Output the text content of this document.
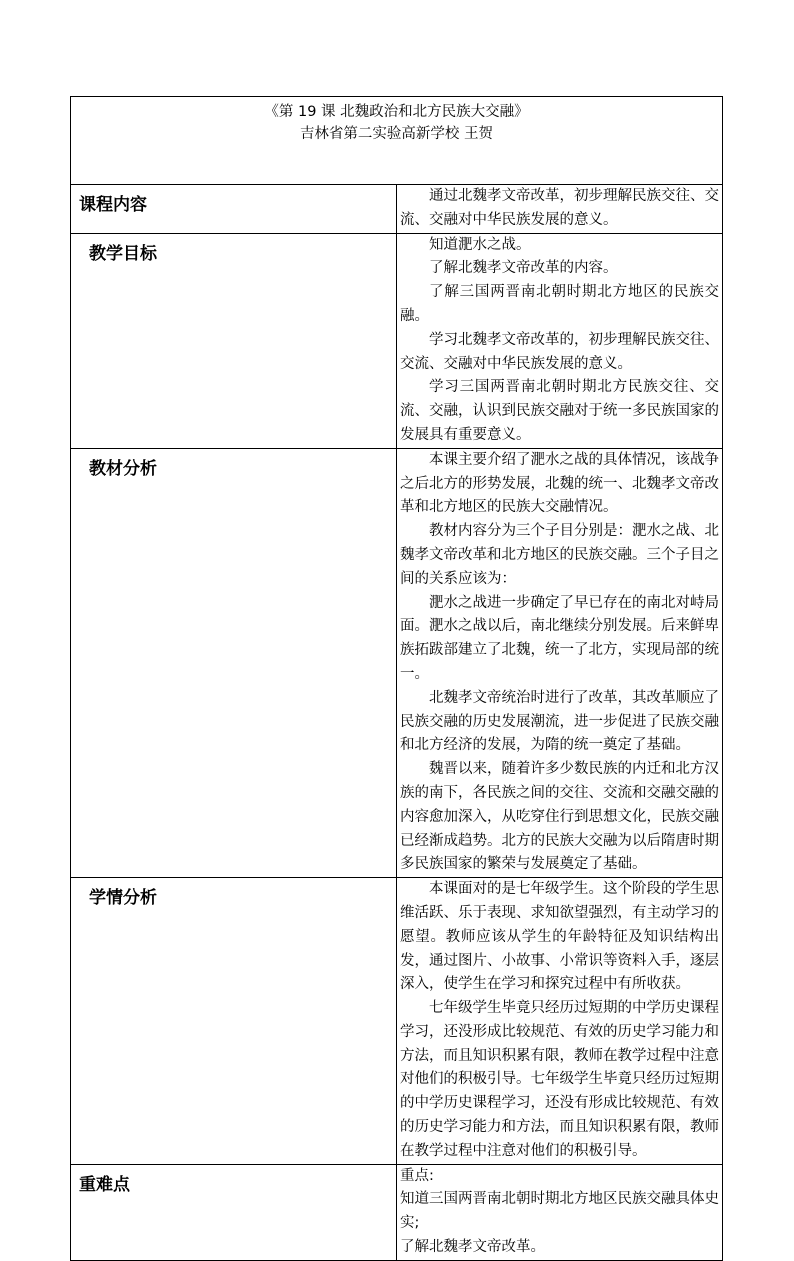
《第 19 课 北魏政治和北方民族大交融》
吉林省第二实验高新学校 王贺	

课程内容	通过北魏孝文帝改革，初步理解民族交往、交流、交融对中华民族发展的意义。

教学目标	知道淝水之战。

了解北魏孝文帝改革的内容。

了解三国两晋南北朝时期北方地区的民族交融。

学习北魏孝文帝改革的，初步理解民族交往、交流、交融对中华民族发展的意义。

学习三国两晋南北朝时期北方民族交往、交流、交融，认识到民族交融对于统一多民族国家的发展具有重要意义。

教材分析	本课主要介绍了淝水之战的具体情况，该战争之后北方的形势发展，北魏的统一、北魏孝文帝改革和北方地区的民族大交融情况。

教材内容分为三个子目分别是：淝水之战、北魏孝文帝改革和北方地区的民族交融。三个子目之间的关系应该为：

淝水之战进一步确定了早已存在的南北对峙局面。淝水之战以后，南北继续分别发展。后来鲜卑族拓跋部建立了北魏，统一了北方，实现局部的统一。

北魏孝文帝统治时进行了改革，其改革顺应了民族交融的历史发展潮流，进一步促进了民族交融和北方经济的发展，为隋的统一奠定了基础。

魏晋以来，随着许多少数民族的内迁和北方汉族的南下，各民族之间的交往、交流和交融交融的内容愈加深入，从吃穿住行到思想文化，民族交融已经渐成趋势。北方的民族大交融为以后隋唐时期多民族国家的繁荣与发展奠定了基础。

学情分析	本课面对的是七年级学生。这个阶段的学生思维活跃、乐于表现、求知欲望强烈，有主动学习的愿望。教师应该从学生的年龄特征及知识结构出发，通过图片、小故事、小常识等资料入手，逐层深入，使学生在学习和探究过程中有所收获。

七年级学生毕竟只经历过短期的中学历史课程学习，还没形成比较规范、有效的历史学习能力和方法，而且知识积累有限，教师在教学过程中注意对他们的积极引导。七年级学生毕竟只经历过短期的中学历史课程学习，还没有形成比较规范、有效的历史学习能力和方法，而且知识积累有限，教师在教学过程中注意对他们的积极引导。

重难点	重点:

知道三国两晋南北朝时期北方地区民族交融具体史实;

了解北魏孝文帝改革。
